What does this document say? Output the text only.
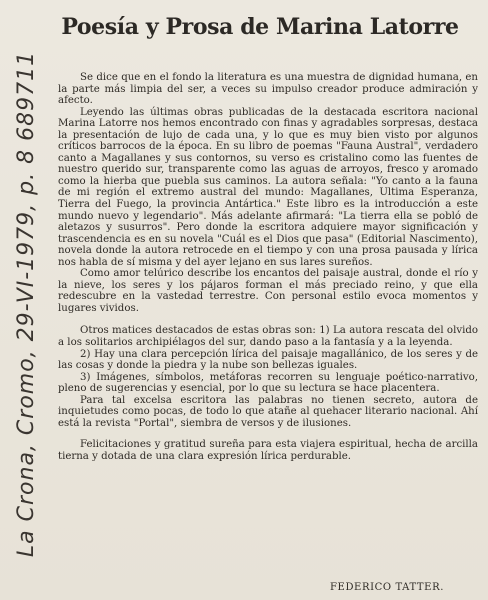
La Crona, Cromo, 29-VI-1979, p. 8 689711
Poesía y Prosa de Marina Latorre

Se dice que en el fondo la literatura es una muestra de dignidad humana, en la parte más limpia del ser, a veces su impulso creador produce admiración y afecto.

Leyendo las últimas obras publicadas de la destacada escritora nacional Marina Latorre nos hemos encontrado con finas y agradables sorpresas, destaca la presentación de lujo de cada una, y lo que es muy bien visto por algunos críticos barrocos de la época. En su libro de poemas "Fauna Austral", verdadero canto a Magallanes y sus contornos, su verso es cristalino como las fuentes de nuestro querido sur, transparente como las aguas de arroyos, fresco y aromado como la hierba que puebla sus caminos. La autora señala: "Yo canto a la fauna de mi región el extremo austral del mundo: Magallanes, Ultima Esperanza, Tierra del Fuego, la provincia Antártica." Este libro es la introducción a este mundo nuevo y legendario". Más adelante afirmará: "La tierra ella se pobló de aletazos y susurros". Pero donde la escritora adquiere mayor significación y trascendencia es en su novela "Cuál es el Dios que pasa" (Editorial Nascimento), novela donde la autora retrocede en el tiempo y con una prosa pausada y lírica nos habla de sí misma y del ayer lejano en sus lares sureños.

Como amor telúrico describe los encantos del paisaje austral, donde el río y la nieve, los seres y los pájaros forman el más preciado reino, y que ella redescubre en la vastedad terrestre. Con personal estilo evoca momentos y lugares vividos.

Otros matices destacados de estas obras son: 1) La autora rescata del olvido a los solitarios archipiélagos del sur, dando paso a la fantasía y a la leyenda.

2) Hay una clara percepción lírica del paisaje magallánico, de los seres y de las cosas y donde la piedra y la nube son bellezas iguales.

3) Imágenes, símbolos, metáforas recorren su lenguaje poético-narrativo, pleno de sugerencias y esencial, por lo que su lectura se hace placentera.

Para tal excelsa escritora las palabras no tienen secreto, autora de inquietudes como pocas, de todo lo que atañe al quehacer literario nacional. Ahí está la revista "Portal", siembra de versos y de ilusiones.

Felicitaciones y gratitud sureña para esta viajera espiritual, hecha de arcilla tierna y dotada de una clara expresión lírica perdurable.

FEDERICO TATTER.
